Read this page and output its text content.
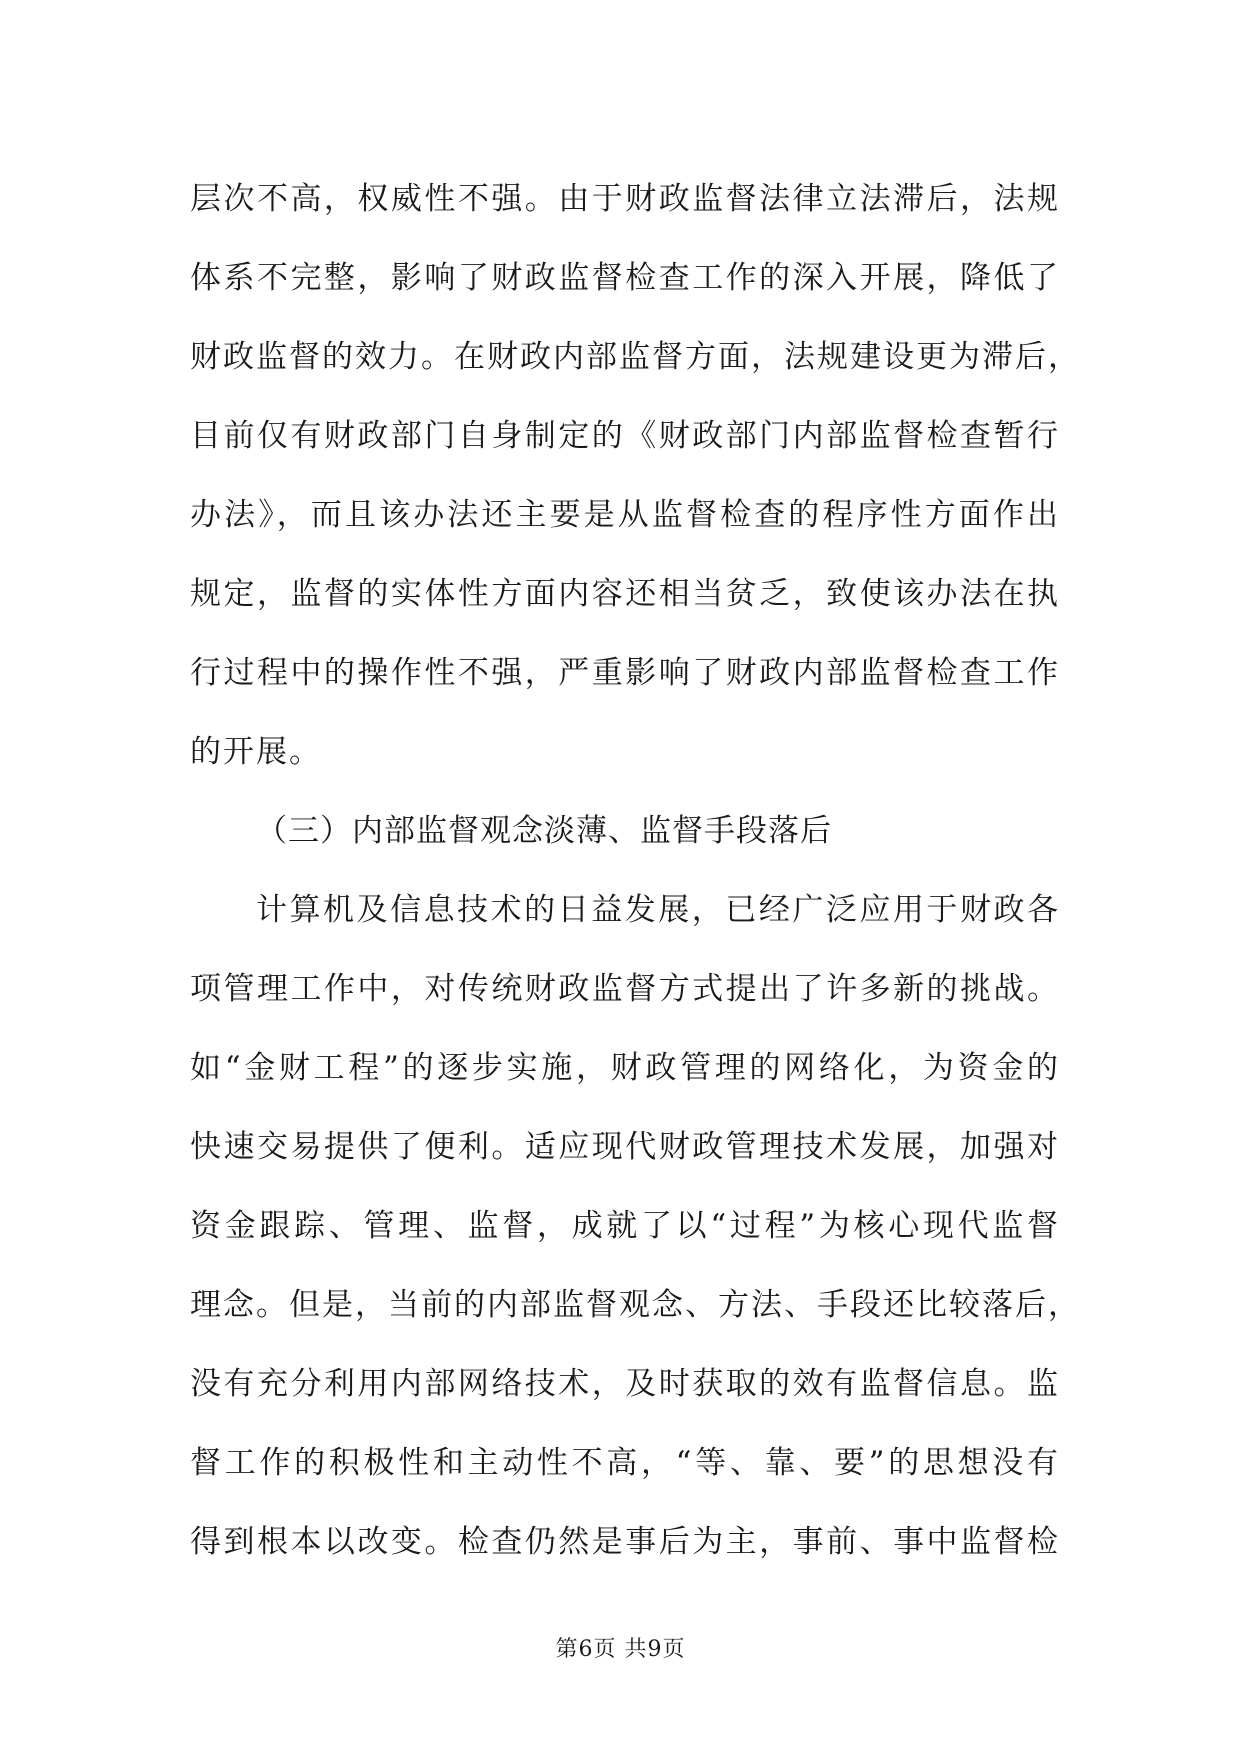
层次不高，权威性不强。由于财政监督法律立法滞后，法规
体系不完整，影响了财政监督检查工作的深入开展，降低了
财政监督的效力。在财政内部监督方面，法规建设更为滞后，
目前仅有财政部门自身制定的《财政部门内部监督检查暂行
办法》，而且该办法还主要是从监督检查的程序性方面作出
规定，监督的实体性方面内容还相当贫乏，致使该办法在执
行过程中的操作性不强，严重影响了财政内部监督检查工作
的开展。
（三）内部监督观念淡薄、监督手段落后
计算机及信息技术的日益发展，已经广泛应用于财政各
项管理工作中，对传统财政监督方式提出了许多新的挑战。
如“金财工程”的逐步实施，财政管理的网络化，为资金的
快速交易提供了便利。适应现代财政管理技术发展，加强对
资金跟踪、管理、监督，成就了以“过程”为核心现代监督
理念。但是，当前的内部监督观念、方法、手段还比较落后，
没有充分利用内部网络技术，及时获取的效有监督信息。监
督工作的积极性和主动性不高，“等、靠、要”的思想没有
得到根本以改变。检查仍然是事后为主，事前、事中监督检
第6页 共9页
